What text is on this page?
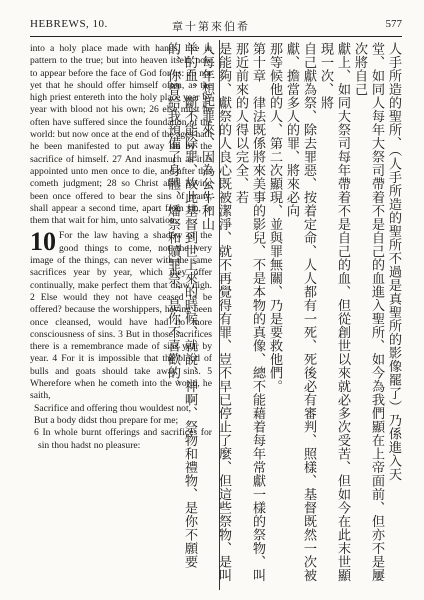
HEBREWS, 10.	章十第來伯希	577

into a holy place made with hands, like in pattern to the true; but into heaven itself, now to appear before the face of God for us: 25 nor yet that he should offer himself often, as the high priest entereth into the holy place year by year with blood not his own; 26 else must he often have suffered since the foundation of the world: but now once at the end of the ages hath he been manifested to put away sin by the sacrifice of himself. 27 And inasmuch as it is appointed unto men once to die, and after this cometh judgment; 28 so Christ also, having been once offered to bear the sins of many, shall appear a second time, apart from sin, to them that wait for him, unto salvation.

10 For the law having a shadow of the good things to come, not the very image of the things, can never with the same sacrifices year by year, which they offer continually, make perfect them that draw nigh. 2 Else would they not have ceased to be offered? because the worshippers, having been once cleansed, would have had no more consciousness of sins. 3 But in those sacrifices there is a remembrance made of sins year by year. 4 For it is impossible that the blood of bulls and goats should take away sins. 5 Wherefore when he cometh into the world, he saith,

Sacrifice and offering thou wouldest not,

But a body didst thou prepare for me;

6 In whole burnt offerings and sacrifices for sin thou hadst no pleasure:	人手所造的聖所、（人手所造的聖所不過是真聖所的影像罷了）乃係進入天
堂、如同人每年大祭司帶着不是自己的血進入聖所、如今為我們顯在上帝面前、但亦不是屢次將自己
獻上、如同大祭司每年帶着不是自己的血、但從創世以來就必多次受苦、但如今在此末世顯現一次、將
自己獻為祭、除去罪惡、按着定命、人人都有一死、死後必有審判、照樣、基督既然一次被獻、擔當多人的罪、將來必向
那等候他的人、第二次顯現、並與罪無關、乃是要救他們。
第十章　律法既係將來美事的影兒、不是本物的真像、總不能藉着每年常獻一樣的祭物、叫那近前來的人得以完全、若
是能夠、獻祭的人良心既被潔淨、就不再覺得有罪、豈不早已停止了麼、但這些祭物、是叫人每年想起罪來、因為公牛和山
羊的血、斷不能除罪、故此基督到世上來的時候、就說、神啊、祭物和禮物、是你不願要的、你曾給我預備了身體、燔祭和贖罪祭、是你不喜歡的、
